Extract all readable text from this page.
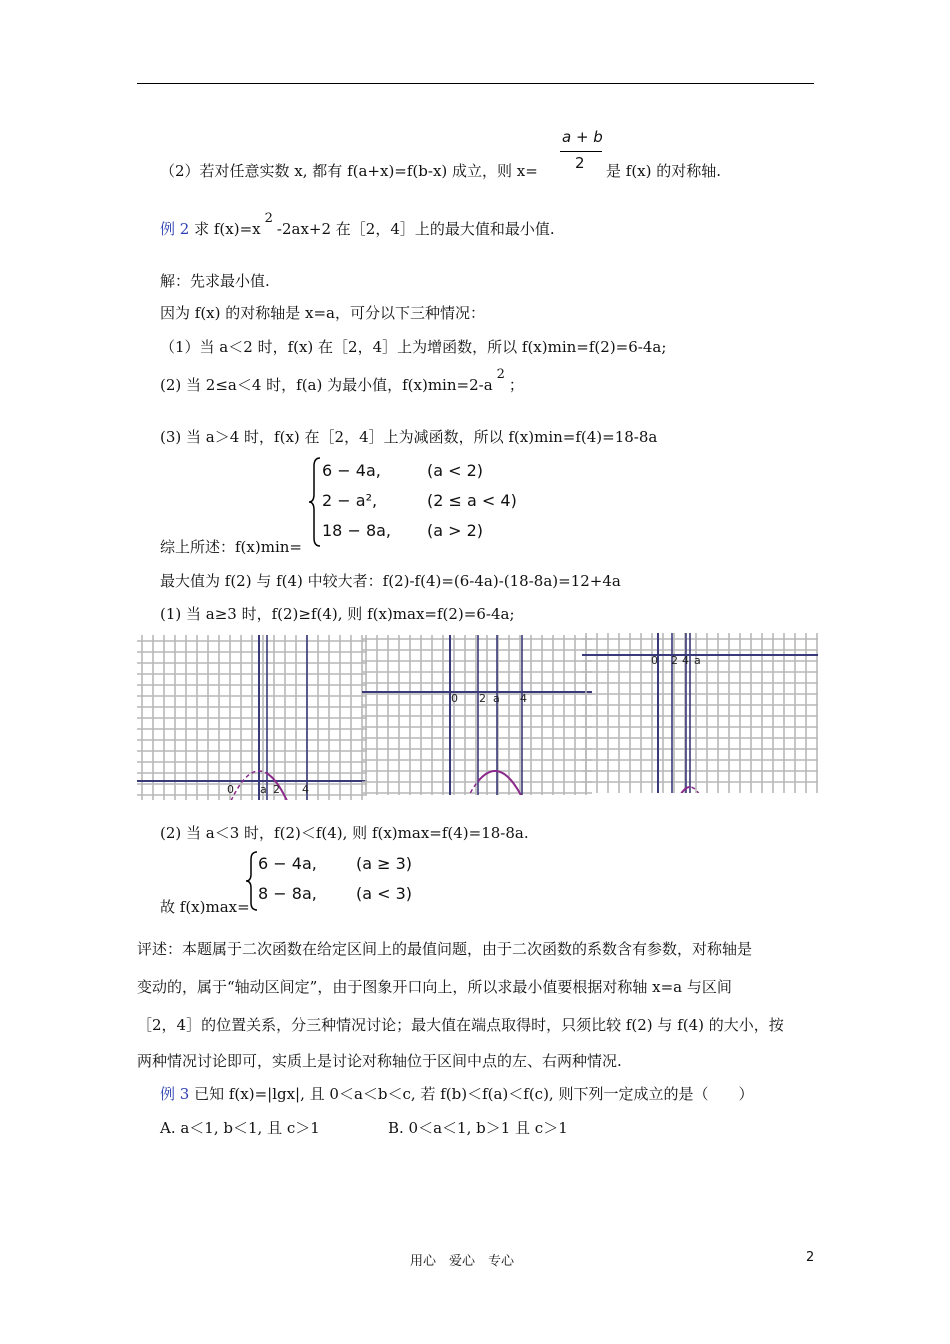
（2）若对任意实数 x, 都有 f(a+x)=f(b-x) 成立，则 x=
a + b
2 是 f(x) 的对称轴.
例 2 求 f(x)=x2-2ax+2 在［2，4］上的最大值和最小值.
解：先求最小值.
因为 f(x) 的对称轴是 x=a，可分以下三种情况：
（1）当 a＜2 时，f(x) 在［2，4］上为增函数，所以 f(x)min=f(2)=6-4a;
(2) 当 2≤a＜4 时，f(a) 为最小值，f(x)min=2-a2；
(3) 当 a＞4 时，f(x) 在［2，4］上为减函数，所以 f(x)min=f(4)=18-8a
综上所述：f(x)min=
6 − 4a,	(a < 2)
2 − a²,	(2 ≤ a < 4)
18 − 8a, (a > 2)
最大值为 f(2) 与 f(4) 中较大者：f(2)-f(4)=(6-4a)-(18-8a)=12+4a
(1) 当 a≥3 时，f(2)≥f(4), 则 f(x)max=f(2)=6-4a;
0 a 2 4
0 2 a 4
0 2 4 a
(2) 当 a＜3 时，f(2)＜f(4), 则 f(x)max=f(4)=18-8a.
故 f(x)max=
6 − 4a, (a ≥ 3)
8 − 8a, (a < 3)
评述：本题属于二次函数在给定区间上的最值问题，由于二次函数的系数含有参数，对称轴是
变动的，属于“轴动区间定”，由于图象开口向上，所以求最小值要根据对称轴 x=a 与区间
［2，4］的位置关系，分三种情况讨论；最大值在端点取得时，只须比较 f(2) 与 f(4) 的大小，按
两种情况讨论即可，实质上是讨论对称轴位于区间中点的左、右两种情况.
例 3 已知 f(x)=|lgx|, 且 0＜a＜b＜c, 若 f(b)＜f(a)＜f(c), 则下列一定成立的是（　　）
A. a＜1, b＜1, 且 c＞1	B. 0＜a＜1, b＞1 且 c＞1
用心　爱心　专心	2
